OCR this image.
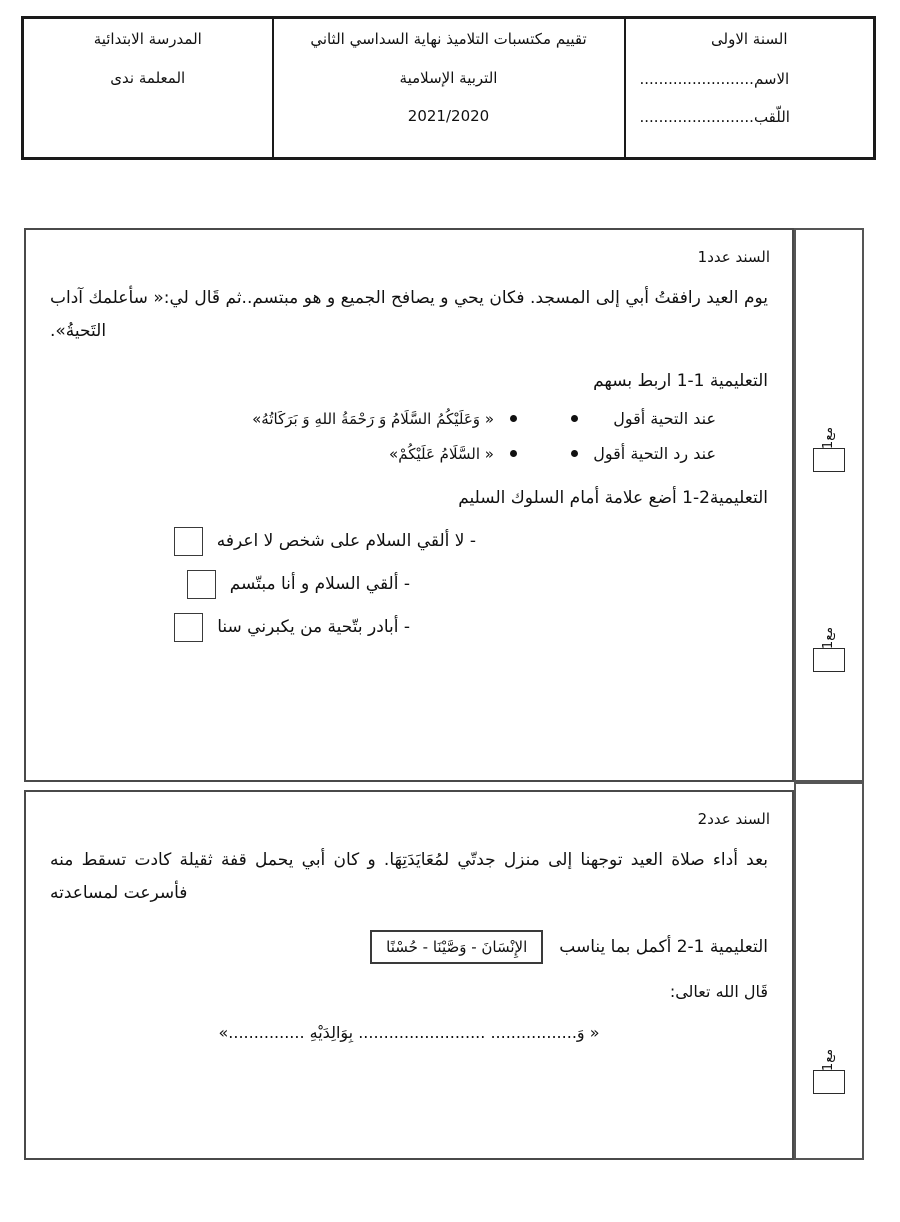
السنة الاولى
الاسم........................
اللّقب........................

تقييم مكتسبات التلاميذ نهاية السداسي الثاني
التربية الإسلامية
2021/2020

المدرسة الابتدائية
المعلمة ندى
مع1
مع1
السند عدد1
يوم العيد رافقتُ أبي إلى المسجد. فكان يحي و يصافح الجميع و هو مبتسم..ثم قَال لي:« سأعلمك آداب التَحيةُ».
التعليمية 1-1 اربط بسهم
عند التحية أقول
« وَعَلَيْكُمُ السَّلَامُ وَ رَحْمَةُ اللهِ وَ بَرَكَاتُهُ»
عند رد التحية أقول
« السَّلَامُ عَلَيْكُمْ»
التعليمية1-2 أضع علامة أمام السلوك السليم
- لا ألقي السلام على شخص لا اعرفه
- ألقي السلام و أنا مبتّسم
- أبادر بتّحية من يكبرني سنا
مع1
السند عدد2
بعد أداء صلاة العيد توجهنا إلى منزل جدتّي لمُعَايَدَتِهَا. و كان أبي يحمل قفة ثقيلة كادت تسقط منه فأسرعت لمساعدته
التعليمية 2-1 أكمل بما يناسب
الإِنْسَانَ - وَصَّيْنَا - حُسْنًا
قَال الله تعالى:
« وَ................. ......................... بِوَالِدَيْهِ ...............»
